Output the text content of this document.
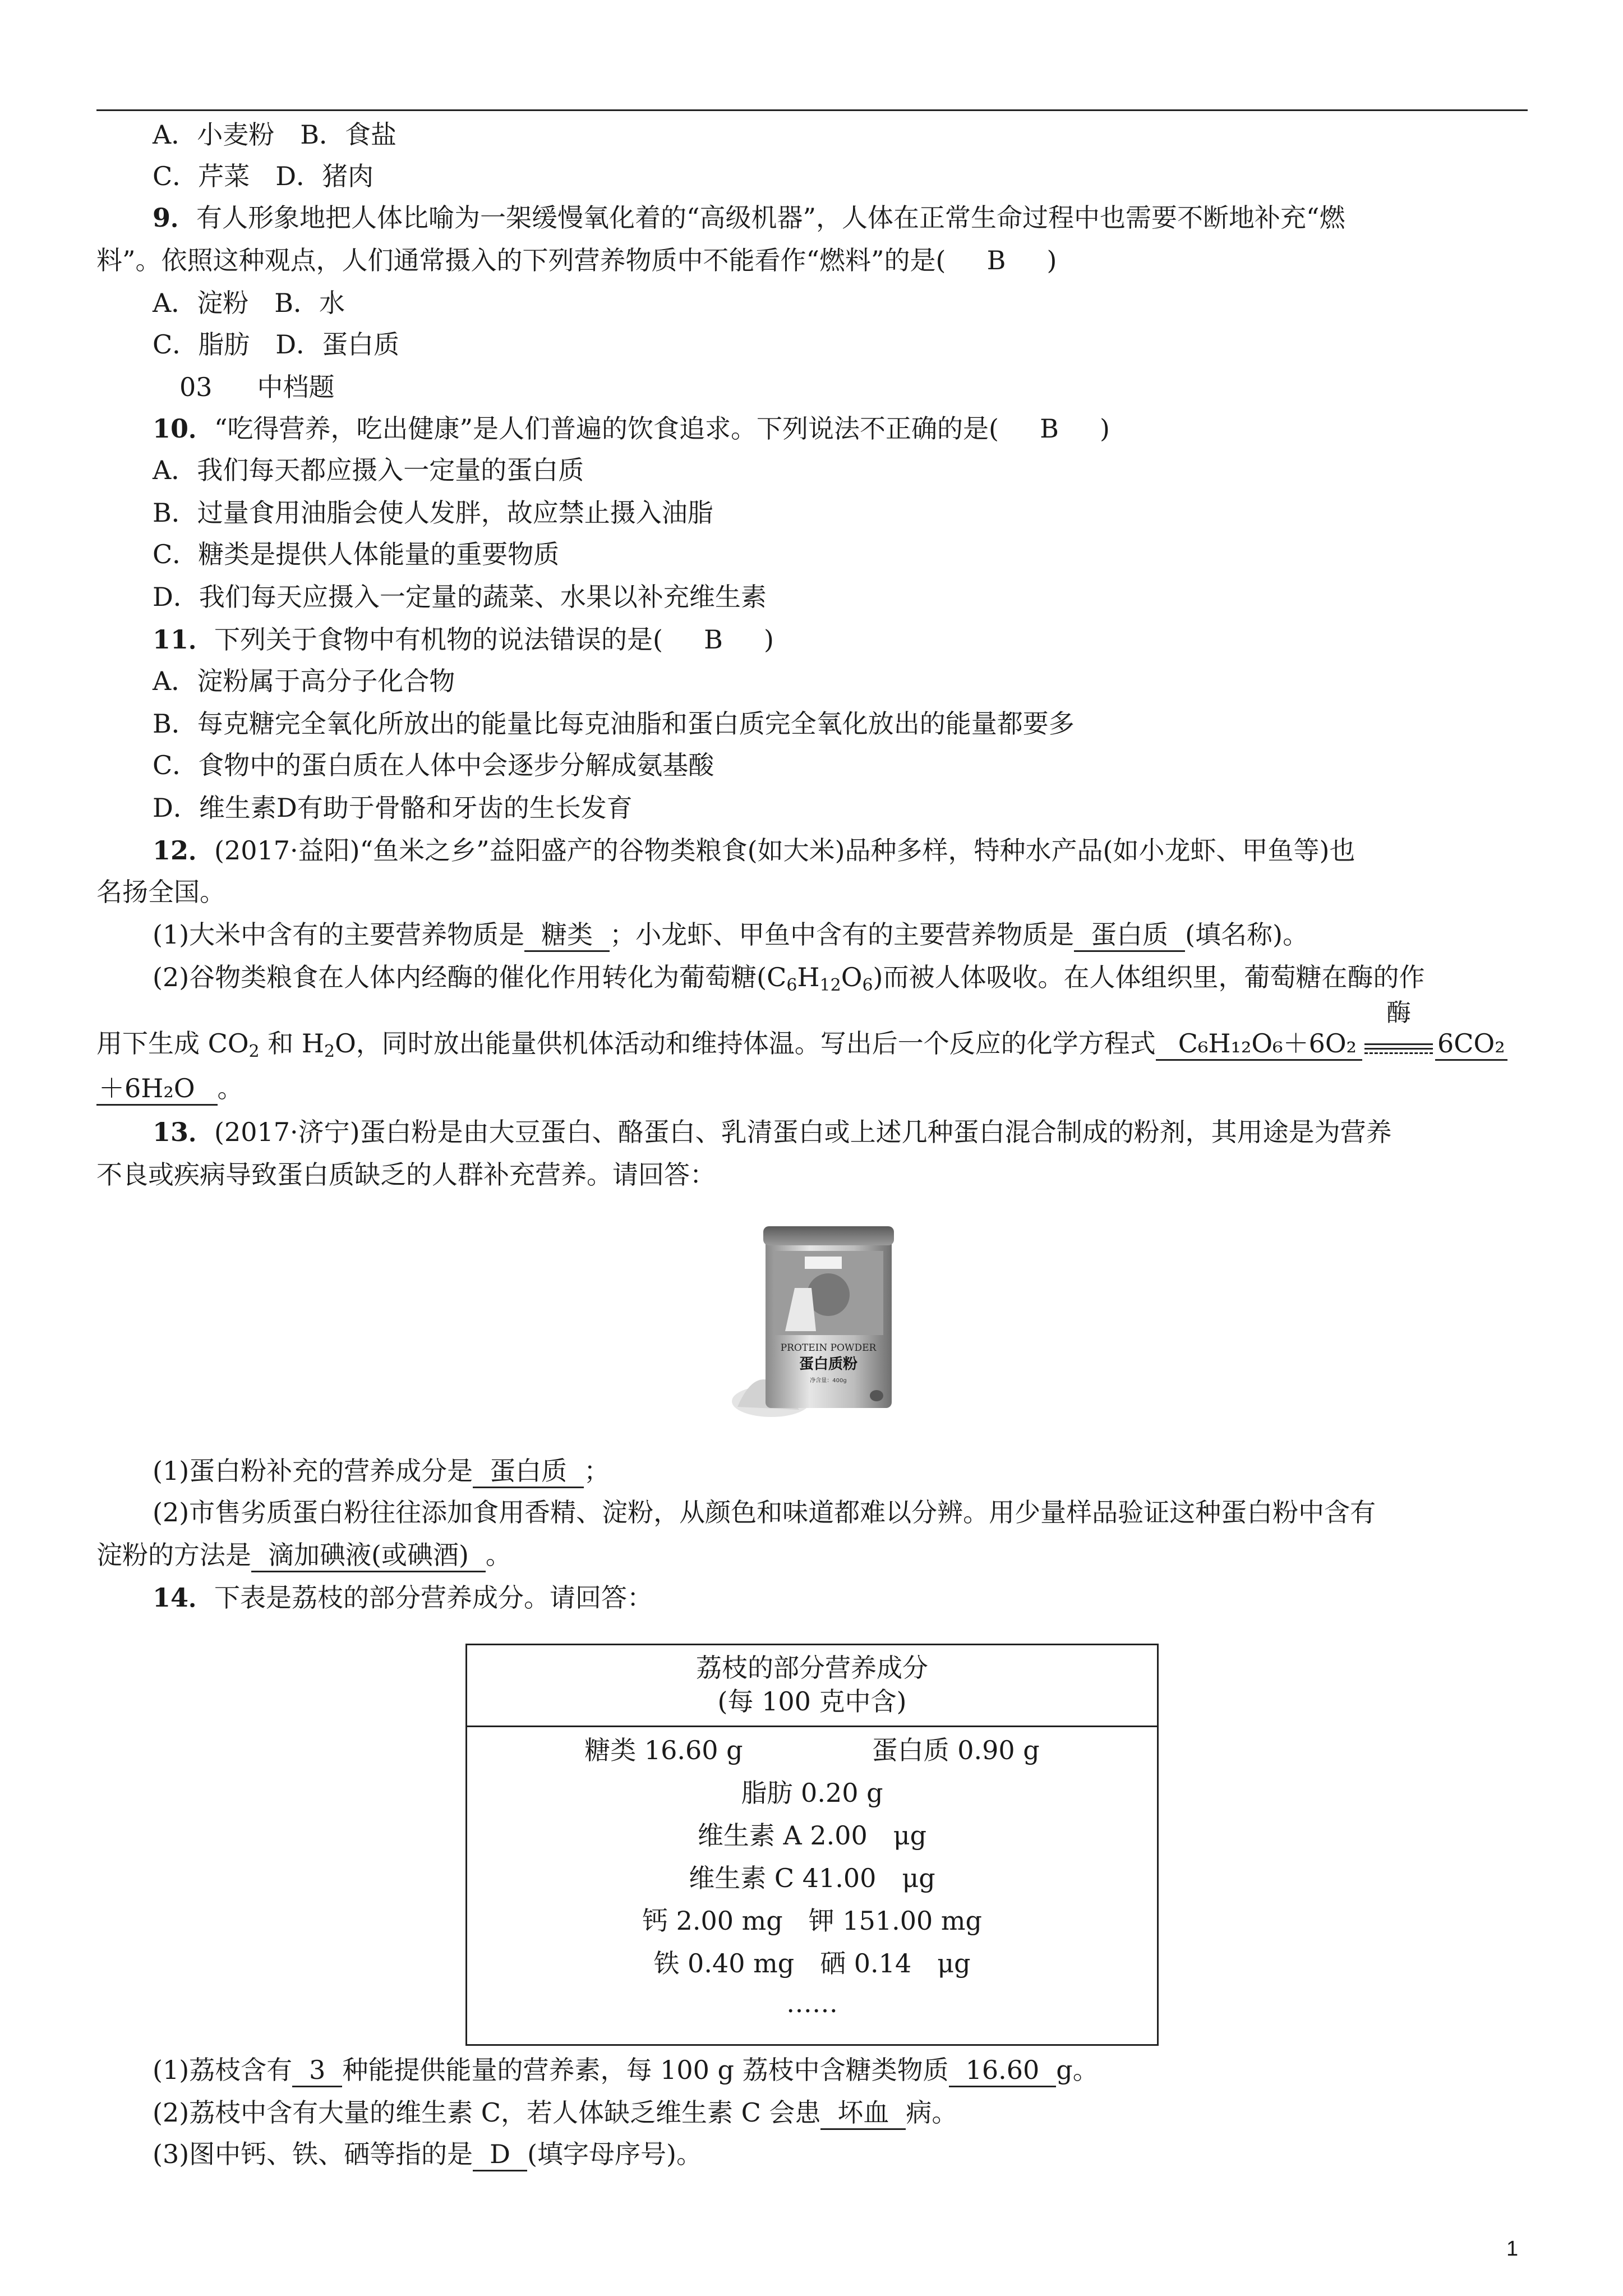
A．小麦粉　B．食盐
C．芹菜　D．猪肉
9．有人形象地把人体比喻为一架缓慢氧化着的“高级机器”，人体在正常生命过程中也需要不断地补充“燃
料”。依照这种观点，人们通常摄入的下列营养物质中不能看作“燃料”的是( B )
A．淀粉　B．水
C．脂肪　D．蛋白质
03 中档题
10．“吃得营养，吃出健康”是人们普遍的饮食追求。下列说法不正确的是( B )
A．我们每天都应摄入一定量的蛋白质
B．过量食用油脂会使人发胖，故应禁止摄入油脂
C．糖类是提供人体能量的重要物质
D．我们每天应摄入一定量的蔬菜、水果以补充维生素
11．下列关于食物中有机物的说法错误的是( B )
A．淀粉属于高分子化合物
B．每克糖完全氧化所放出的能量比每克油脂和蛋白质完全氧化放出的能量都要多
C．食物中的蛋白质在人体中会逐步分解成氨基酸
D．维生素D有助于骨骼和牙齿的生长发育
12．(2017·益阳)“鱼米之乡”益阳盛产的谷物类粮食(如大米)品种多样，特种水产品(如小龙虾、甲鱼等)也
名扬全国。
(1)大米中含有的主要营养物质是 糖类 ；小龙虾、甲鱼中含有的主要营养物质是 蛋白质 (填名称)。
(2)谷物类粮食在人体内经酶的催化作用转化为葡萄糖$(C_6H_{12}O_6)$而被人体吸收。在人体组织里，葡萄糖在酶的作
用下生成 $CO_2$ 和 $H_2O$，同时放出能量供机体活动和维持体温。写出后一个反应的化学方程式 C₆H₁₂O₆＋6O₂
酶
6CO₂
＋6H₂O 。
13．(2017·济宁)蛋白粉是由大豆蛋白、酪蛋白、乳清蛋白或上述几种蛋白混合制成的粉剂，其用途是为营养
不良或疾病导致蛋白质缺乏的人群补充营养。请回答：
PROTEIN POWDER
蛋白质粉
净含量：400g
(1)蛋白粉补充的营养成分是 蛋白质 ；
(2)市售劣质蛋白粉往往添加食用香精、淀粉，从颜色和味道都难以分辨。用少量样品验证这种蛋白粉中含有
淀粉的方法是 滴加碘液(或碘酒) 。
14．下表是荔枝的部分营养成分。请回答：
荔枝的部分营养成分
(每 100 克中含)
糖类 16.60 g　　　　　蛋白质 0.90 g
脂肪 0.20 g
维生素 A 2.00　μg
维生素 C 41.00　μg
钙 2.00 mg　钾 151.00 mg
铁 0.40 mg　硒 0.14　μg
……
(1)荔枝含有 3 种能提供能量的营养素，每 100 g 荔枝中含糖类物质 16.60 g。
(2)荔枝中含有大量的维生素 C，若人体缺乏维生素 C 会患 坏血 病。
(3)图中钙、铁、硒等指的是 D (填字母序号)。
1
